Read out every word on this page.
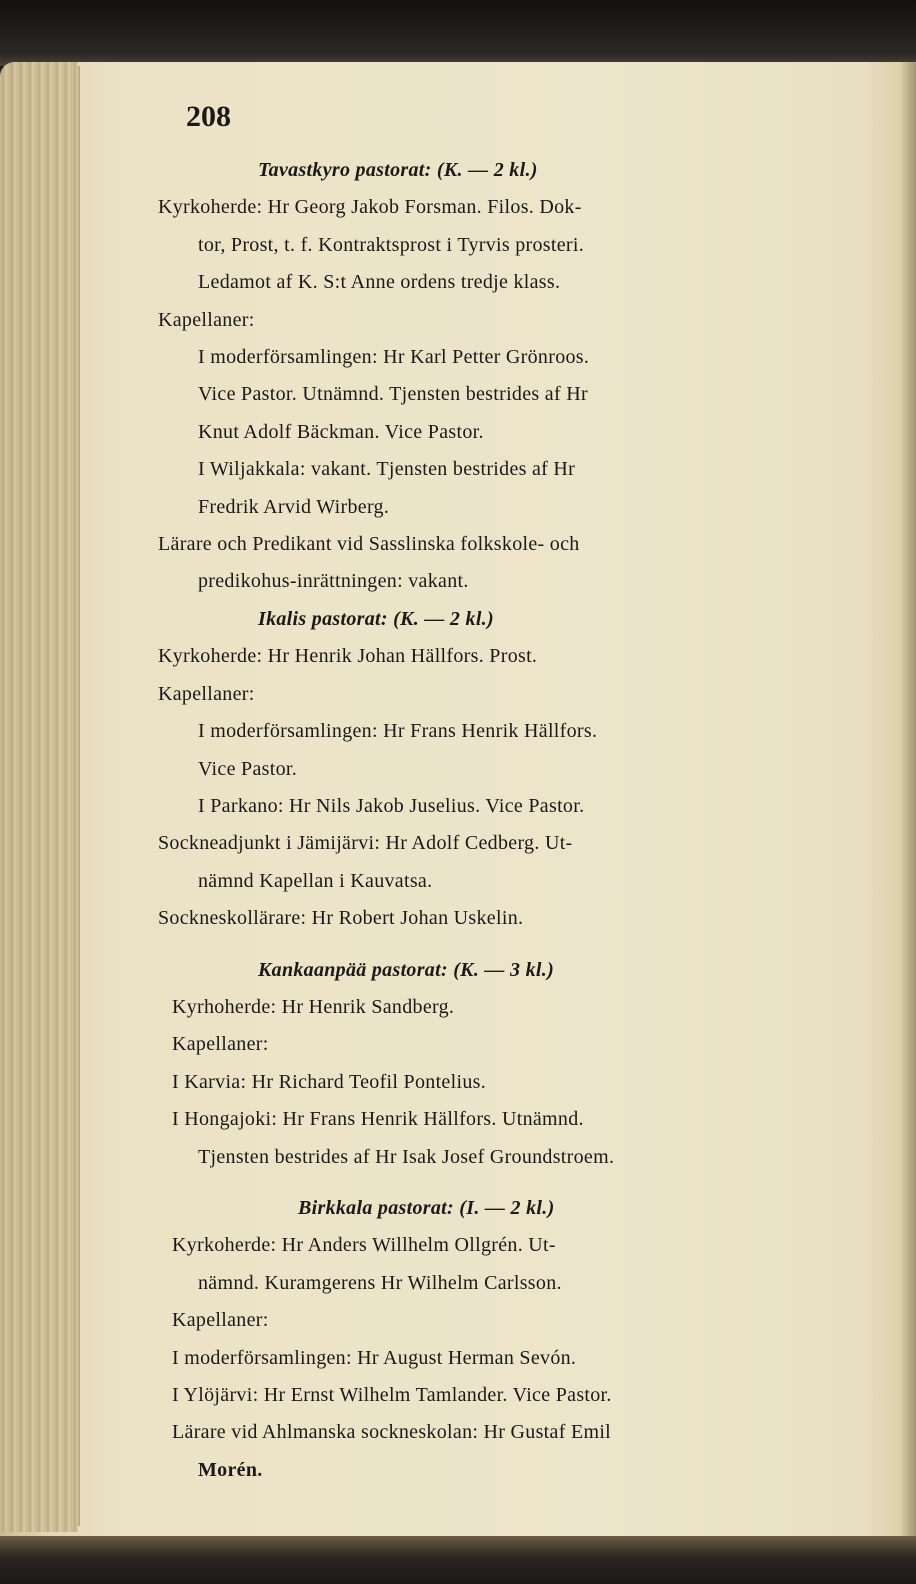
208
Tavastkyro pastorat: (K. — 2 kl.)
Kyrkoherde: Hr Georg Jakob Forsman. Filos. Dok-
tor, Prost, t. f. Kontraktsprost i Tyrvis prosteri.
Ledamot af K. S:t Anne ordens tredje klass.
Kapellaner:
I moderförsamlingen: Hr Karl Petter Grönroos.
Vice Pastor. Utnämnd. Tjensten bestrides af Hr
Knut Adolf Bäckman. Vice Pastor.
I Wiljakkala: vakant. Tjensten bestrides af Hr
Fredrik Arvid Wirberg.
Lärare och Predikant vid Sasslinska folkskole- och
predikohus-inrättningen: vakant.
Ikalis pastorat: (K. — 2 kl.)
Kyrkoherde: Hr Henrik Johan Hällfors. Prost.
Kapellaner:
I moderförsamlingen: Hr Frans Henrik Hällfors.
Vice Pastor.
I Parkano: Hr Nils Jakob Juselius. Vice Pastor.
Sockneadjunkt i Jämijärvi: Hr Adolf Cedberg. Ut-
nämnd Kapellan i Kauvatsa.
Sockneskollärare: Hr Robert Johan Uskelin.
Kankaanpää pastorat: (K. — 3 kl.)
Kyrhoherde: Hr Henrik Sandberg.
Kapellaner:
I Karvia: Hr Richard Teofil Pontelius.
I Hongajoki: Hr Frans Henrik Hällfors. Utnämnd.
Tjensten bestrides af Hr Isak Josef Groundstroem.
Birkkala pastorat: (I. — 2 kl.)
Kyrkoherde: Hr Anders Willhelm Ollgrén. Ut-
nämnd. Kuramgerens Hr Wilhelm Carlsson.
Kapellaner:
I moderförsamlingen: Hr August Herman Sevón.
I Ylöjärvi: Hr Ernst Wilhelm Tamlander. Vice Pastor.
Lärare vid Ahlmanska sockneskolan: Hr Gustaf Emil
Morén.
